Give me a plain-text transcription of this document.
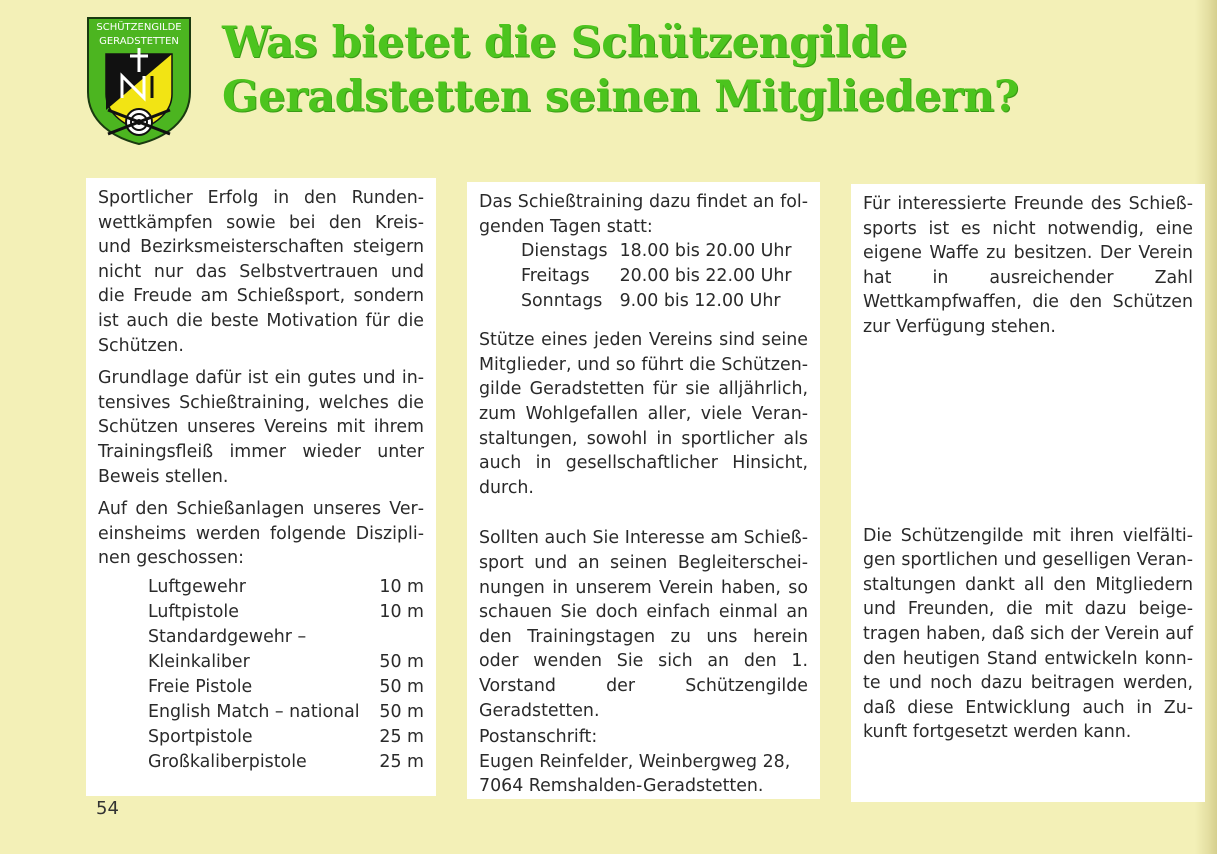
SCHÜTZENGILDE
GERADSTETTEN Was bietet die Schützengilde
Geradstetten seinen Mitgliedern?

Sportlicher Erfolg in den Rundenwettkämpfen sowie bei den Kreis- und Bezirksmeisterschaften steigern nicht nur das Selbstvertrauen und die Freude am Schießsport, sondern ist auch die beste Motivation für die Schützen.

Grundlage dafür ist ein gutes und intensives Schießtraining, welches die Schützen unseres Vereins mit ihrem Trainingsfleiß immer wieder unter Beweis stellen.

Auf den Schießanlagen unseres Vereinsheims werden folgende Disziplinen geschossen:

Luftgewehr	10 m
Luftpistole	10 m
Standardgewehr –	
Kleinkaliber	50 m
Freie Pistole	50 m
English Match – national	50 m
Sportpistole	25 m
Großkaliberpistole	25 m

Das Schießtraining dazu findet an folgenden Tagen statt:

Dienstags	18.00 bis 20.00 Uhr
Freitags	20.00 bis 22.00 Uhr
Sonntags	9.00 bis 12.00 Uhr

Stütze eines jeden Vereins sind seine Mitglieder, und so führt die Schützengilde Geradstetten für sie alljährlich, zum Wohlgefallen aller, viele Veranstaltungen, sowohl in sportlicher als auch in gesellschaftlicher Hinsicht, durch.

Sollten auch Sie Interesse am Schießsport und an seinen Begleiterscheinungen in unserem Verein haben, so schauen Sie doch einfach einmal an den Trainingstagen zu uns herein oder wenden Sie sich an den 1. Vorstand der Schützengilde Geradstetten.

Postanschrift:

Eugen Reinfelder, Weinbergweg 28,

7064 Remshalden-Geradstetten.

Für interessierte Freunde des Schießsports ist es nicht notwendig, eine eigene Waffe zu besitzen. Der Verein hat in ausreichender Zahl Wettkampfwaffen, die den Schützen zur Verfügung stehen.

Die Schützengilde mit ihren vielfältigen sportlichen und geselligen Veranstaltungen dankt all den Mitgliedern und Freunden, die mit dazu beigetragen haben, daß sich der Verein auf den heutigen Stand entwickeln konnte und noch dazu beitragen werden, daß diese Entwicklung auch in Zukunft fortgesetzt werden kann.

54
